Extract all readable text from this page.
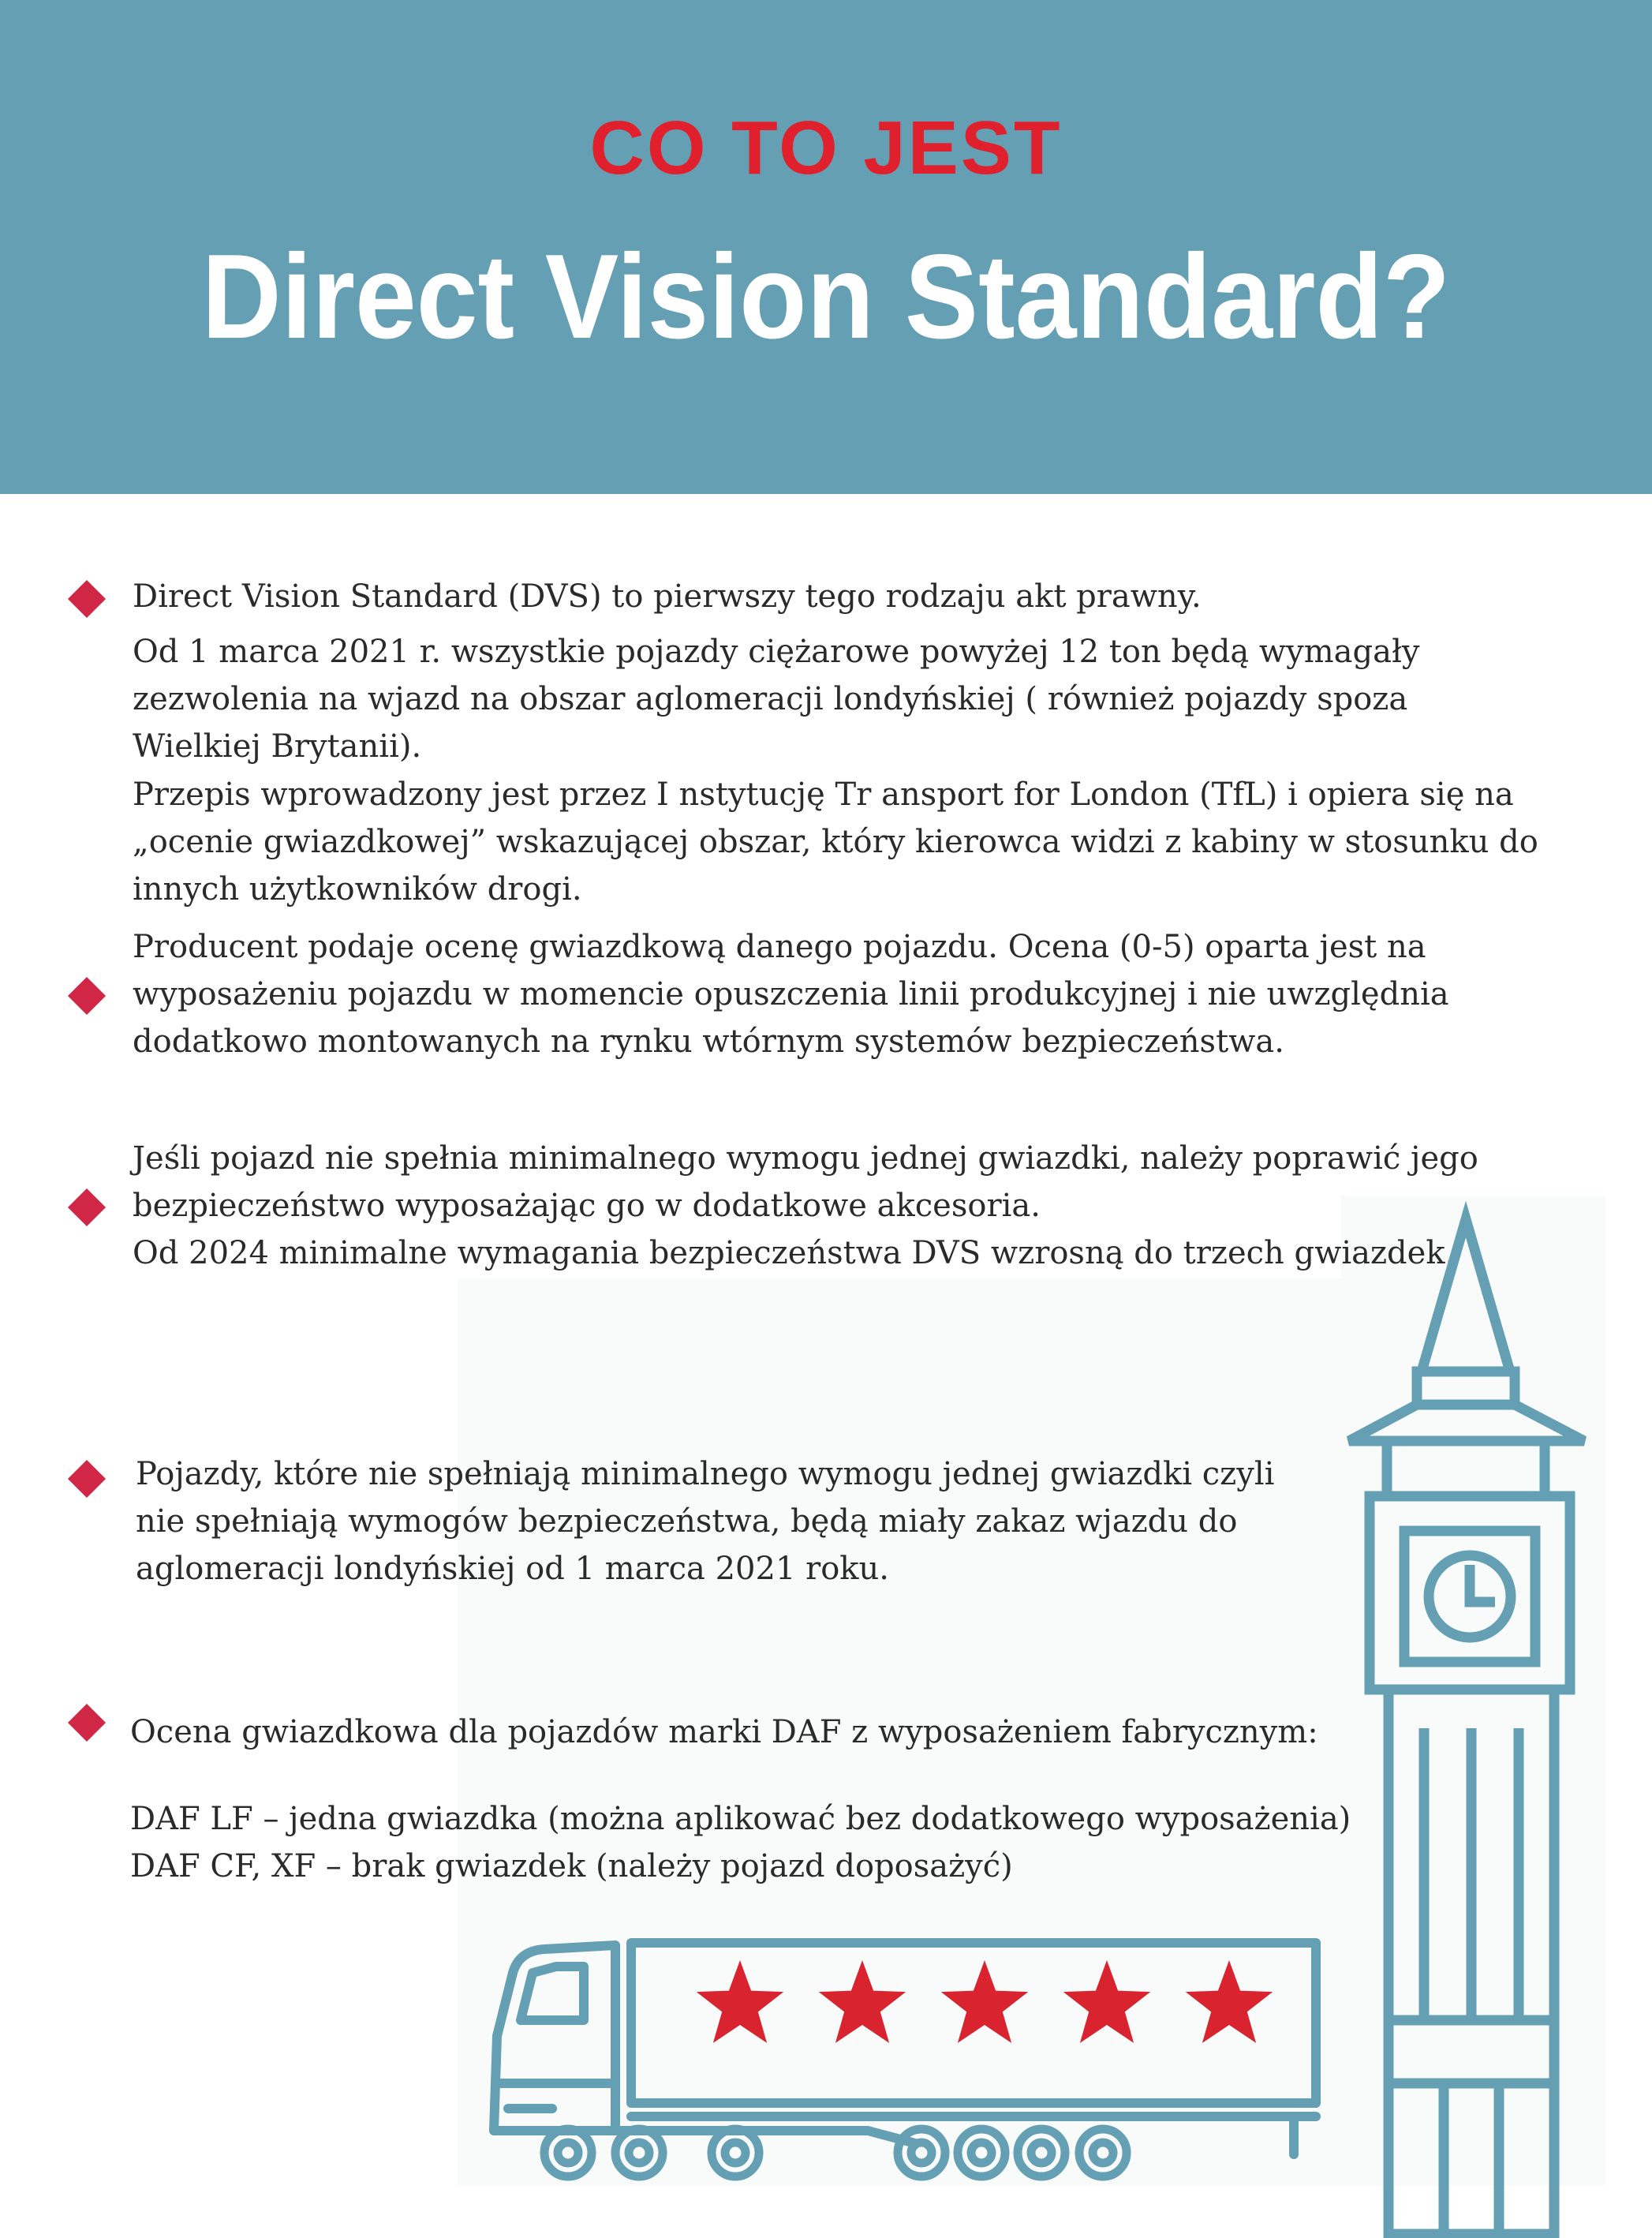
CO TO JEST
Direct Vision Standard?

Direct Vision Standard (DVS) to pierwszy tego rodzaju akt prawny.

Od 1 marca 2021 r. wszystkie pojazdy ciężarowe powyżej 12 ton będą wymagały
zezwolenia na wjazd na obszar aglomeracji londyńskiej ( również pojazdy spoza
Wielkiej Brytanii).

Przepis wprowadzony jest przez I nstytucję Tr ansport for London (TfL) i opiera się na
„ocenie gwiazdkowej” wskazującej obszar, który kierowca widzi z kabiny w stosunku do
innych użytkowników drogi.

Producent podaje ocenę gwiazdkową danego pojazdu. Ocena (0-5) oparta jest na
wyposażeniu pojazdu w momencie opuszczenia linii produkcyjnej i nie uwzględnia
dodatkowo montowanych na rynku wtórnym systemów bezpieczeństwa.

Jeśli pojazd nie spełnia minimalnego wymogu jednej gwiazdki, należy poprawić jego
bezpieczeństwo wyposażając go w dodatkowe akcesoria.
Od 2024 minimalne wymagania bezpieczeństwa DVS wzrosną do trzech gwiazdek.

Pojazdy, które nie spełniają minimalnego wymogu jednej gwiazdki czyli
nie spełniają wymogów bezpieczeństwa, będą miały zakaz wjazdu do
aglomeracji londyńskiej od 1 marca 2021 roku.

Ocena gwiazdkowa dla pojazdów marki DAF z wyposażeniem fabrycznym:

DAF LF – jedna gwiazdka (można aplikować bez dodatkowego wyposażenia)
DAF CF, XF – brak gwiazdek (należy pojazd doposażyć)
